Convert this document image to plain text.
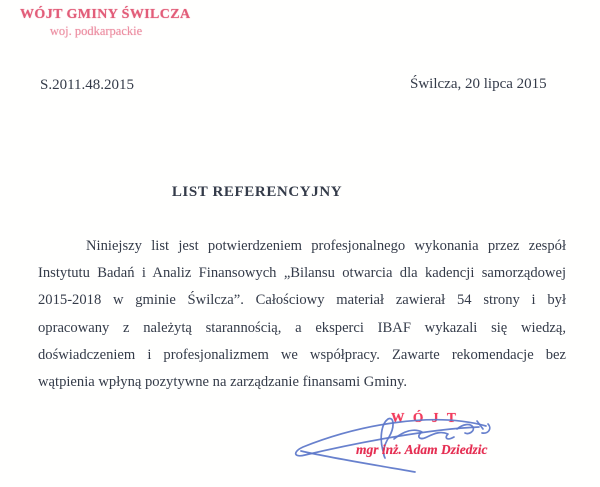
WÓJT GMINY ŚWILCZA
woj. podkarpackie
S.2011.48.2015	Świlcza, 20 lipca 2015
LIST REFERENCYJNY
Niniejszy list jest potwierdzeniem profesjonalnego wykonania przez zespół
Instytutu Badań i Analiz Finansowych „Bilansu otwarcia dla kadencji samorządowej
2015-2018 w gminie Świlcza”. Całościowy materiał zawierał 54 strony i był
opracowany z należytą starannością, a eksperci IBAF wykazali się wiedzą,
doświadczeniem i profesjonalizmem we współpracy. Zawarte rekomendacje bez
wątpienia wpłyną pozytywne na zarządzanie finansami Gminy.
WÓJT
mgr inż. Adam Dziedzic
